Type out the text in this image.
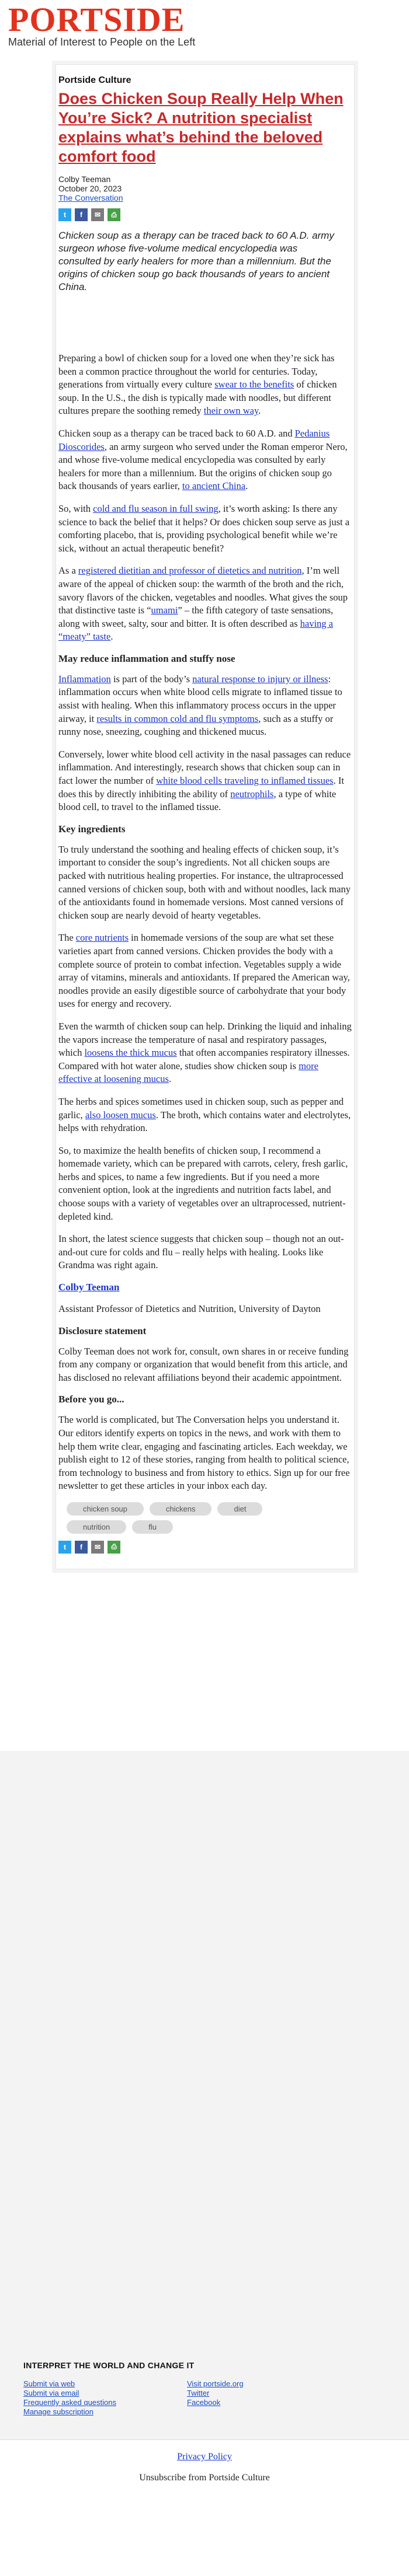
PORTSIDE
Material of Interest to People on the Left
Portside Culture
Does Chicken Soup Really Help When You’re Sick? A nutrition specialist explains what’s behind the beloved comfort food
Colby Teeman
October 20, 2023
The Conversation
t	f	✉	⎙
Chicken soup as a therapy can be traced back to 60 A.D. army surgeon whose five-volume medical encyclopedia was consulted by early healers for more than a millennium. But the origins of chicken soup go back thousands of years to ancient China.

Preparing a bowl of chicken soup for a loved one when they’re sick has been a common practice throughout the world for centuries. Today, generations from virtually every culture swear to the benefits of chicken soup. In the U.S., the dish is typically made with noodles, but different cultures prepare the soothing remedy their own way.

Chicken soup as a therapy can be traced back to 60 A.D. and Pedanius Dioscorides, an army surgeon who served under the Roman emperor Nero, and whose five-volume medical encyclopedia was consulted by early healers for more than a millennium. But the origins of chicken soup go back thousands of years earlier, to ancient China.

So, with cold and flu season in full swing, it’s worth asking: Is there any science to back the belief that it helps? Or does chicken soup serve as just a comforting placebo, that is, providing psychological benefit while we’re sick, without an actual therapeutic benefit?

As a registered dietitian and professor of dietetics and nutrition, I’m well aware of the appeal of chicken soup: the warmth of the broth and the rich, savory flavors of the chicken, vegetables and noodles. What gives the soup that distinctive taste is “umami” – the fifth category of taste sensations, along with sweet, salty, sour and bitter. It is often described as having a “meaty” taste.

May reduce inflammation and stuffy nose

Inflammation is part of the body’s natural response to injury or illness: inflammation occurs when white blood cells migrate to inflamed tissue to assist with healing. When this inflammatory process occurs in the upper airway, it results in common cold and flu symptoms, such as a stuffy or runny nose, sneezing, coughing and thickened mucus.

Conversely, lower white blood cell activity in the nasal passages can reduce inflammation. And interestingly, research shows that chicken soup can in fact lower the number of white blood cells traveling to inflamed tissues. It does this by directly inhibiting the ability of neutrophils, a type of white blood cell, to travel to the inflamed tissue.

Key ingredients

To truly understand the soothing and healing effects of chicken soup, it’s important to consider the soup’s ingredients. Not all chicken soups are packed with nutritious healing properties. For instance, the ultraprocessed canned versions of chicken soup, both with and without noodles, lack many of the antioxidants found in homemade versions. Most canned versions of chicken soup are nearly devoid of hearty vegetables.

The core nutrients in homemade versions of the soup are what set these varieties apart from canned versions. Chicken provides the body with a complete source of protein to combat infection. Vegetables supply a wide array of vitamins, minerals and antioxidants. If prepared the American way, noodles provide an easily digestible source of carbohydrate that your body uses for energy and recovery.

Even the warmth of chicken soup can help. Drinking the liquid and inhaling the vapors increase the temperature of nasal and respiratory passages, which loosens the thick mucus that often accompanies respiratory illnesses. Compared with hot water alone, studies show chicken soup is more effective at loosening mucus.

The herbs and spices sometimes used in chicken soup, such as pepper and garlic, also loosen mucus. The broth, which contains water and electrolytes, helps with rehydration.

So, to maximize the health benefits of chicken soup, I recommend a homemade variety, which can be prepared with carrots, celery, fresh garlic, herbs and spices, to name a few ingredients. But if you need a more convenient option, look at the ingredients and nutrition facts label, and choose soups with a variety of vegetables over an ultraprocessed, nutrient-depleted kind.

In short, the latest science suggests that chicken soup – though not an out-and-out cure for colds and flu – really helps with healing. Looks like Grandma was right again.

Colby Teeman

Assistant Professor of Dietetics and Nutrition, University of Dayton

Disclosure statement

Colby Teeman does not work for, consult, own shares in or receive funding from any company or organization that would benefit from this article, and has disclosed no relevant affiliations beyond their academic appointment.

Before you go...

The world is complicated, but The Conversation helps you understand it. Our editors identify experts on topics in the news, and work with them to help them write clear, engaging and fascinating articles. Each weekday, we publish eight to 12 of these stories, ranging from health to political science, from technology to business and from history to ethics. Sign up for our free newsletter to get these articles in your inbox each day.

chicken soup	chickens	diet
nutrition	flu
t	f	✉	⎙
INTERPRET THE WORLD AND CHANGE IT
Submit via web
Submit via email
Frequently asked questions
Manage subscription
Visit portside.org
Twitter
Facebook
Privacy Policy
Unsubscribe from Portside Culture
